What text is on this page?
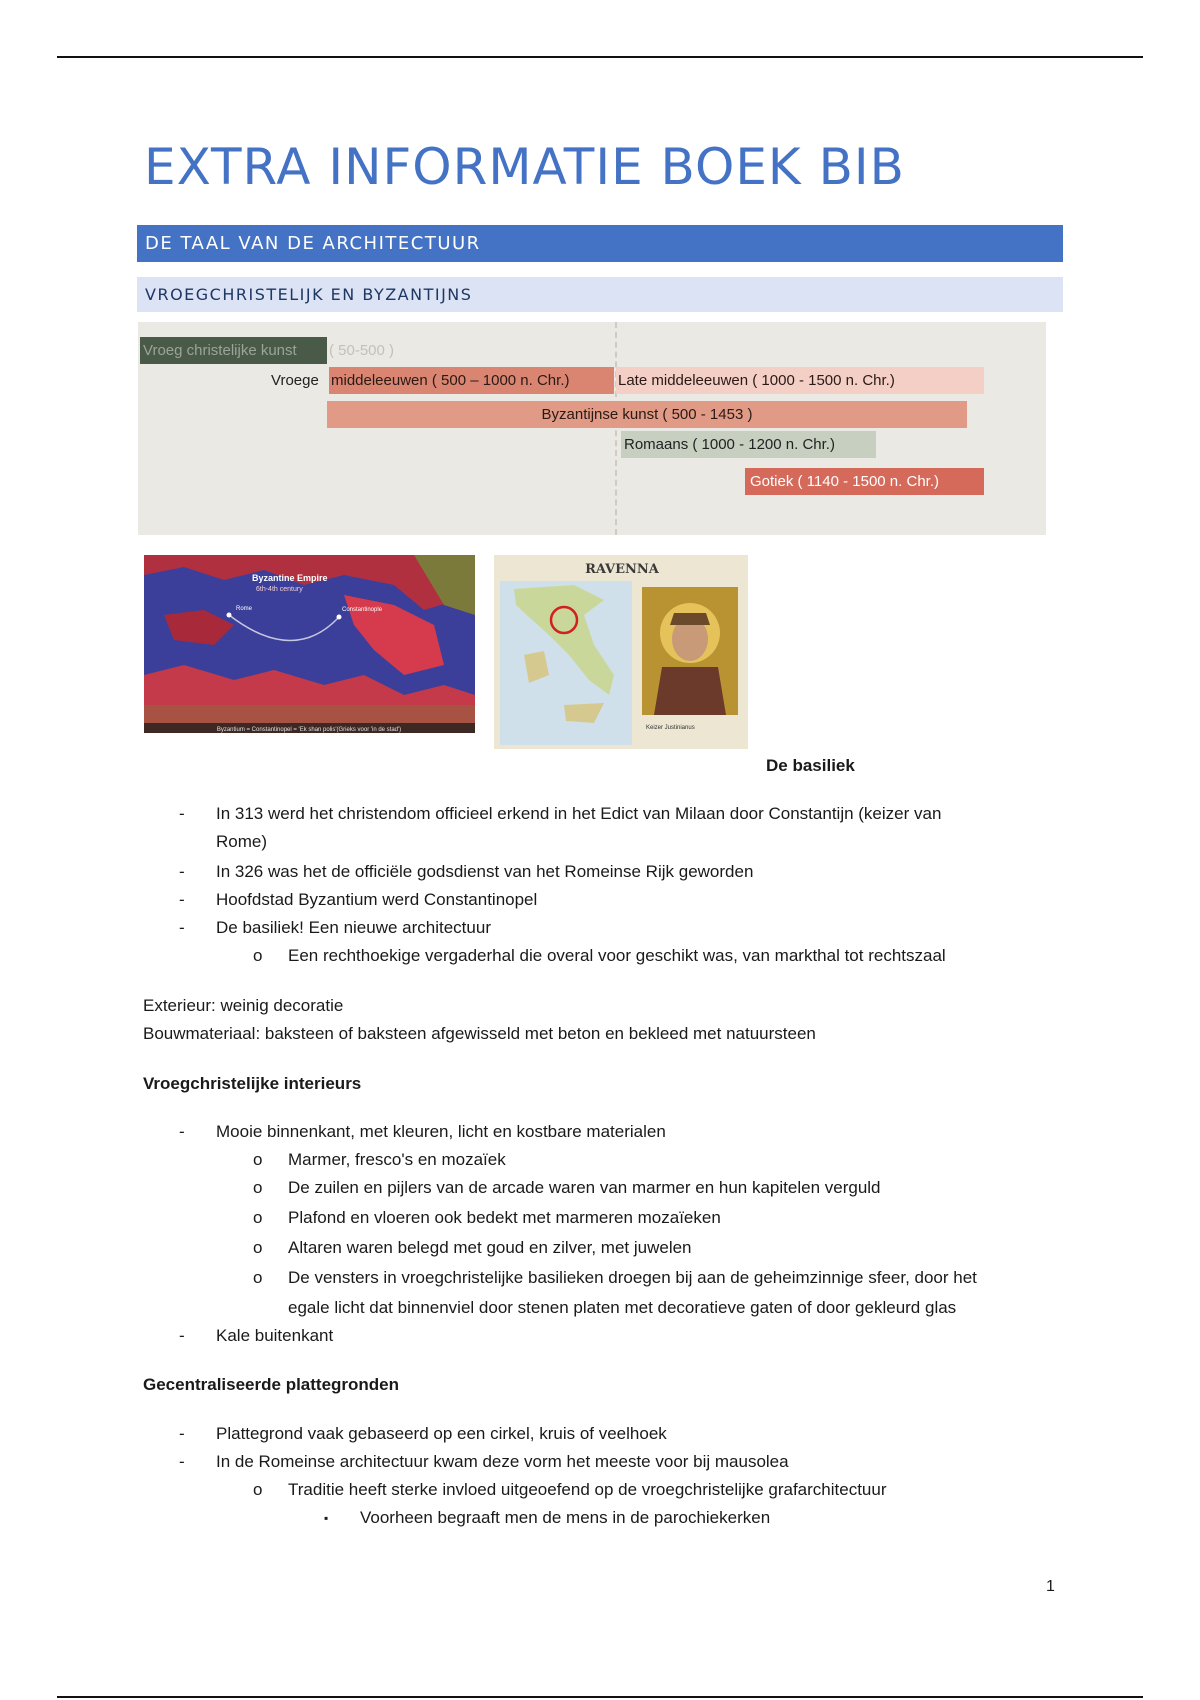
EXTRA INFORMATIE BOEK BIB
DE TAAL VAN DE ARCHITECTUUR
VROEGCHRISTELIJK EN BYZANTIJNS
Vroeg christelijke kunst	( 50-500 )
Vroege middeleeuwen ( 500 – 1000 n. Chr.)	Late middeleeuwen ( 1000 - 1500 n. Chr.)
Byzantijnse kunst ( 500 - 1453 )
Romaans ( 1000 - 1200 n. Chr.)
Gotiek ( 1140 - 1500 n. Chr.)
Byzantine Empire
6th-4th century
Rome	Constantinople
Byzantium = Constantinopel = 'Ek shan polis'(Grieks voor 'in de stad')
RAVENNA
Keizer Justinianus

De basiliek

- In 313 werd het christendom officieel erkend in het Edict van Milaan door Constantijn (keizer van
Rome)
- In 326 was het de officiële godsdienst van het Romeinse Rijk geworden
- Hoofdstad Byzantium werd Constantinopel
- De basiliek! Een nieuwe architectuur
o Een rechthoekige vergaderhal die overal voor geschikt was, van markthal tot rechtszaal

Exterieur: weinig decoratie

Bouwmateriaal: baksteen of baksteen afgewisseld met beton en bekleed met natuursteen

Vroegchristelijke interieurs

- Mooie binnenkant, met kleuren, licht en kostbare materialen
o Marmer, fresco's en mozaïek
o De zuilen en pijlers van de arcade waren van marmer en hun kapitelen verguld
o Plafond en vloeren ook bedekt met marmeren mozaïeken
o Altaren waren belegd met goud en zilver, met juwelen
o De vensters in vroegchristelijke basilieken droegen bij aan de geheimzinnige sfeer, door het
egale licht dat binnenviel door stenen platen met decoratieve gaten of door gekleurd glas
- Kale buitenkant

Gecentraliseerde plattegronden

- Plattegrond vaak gebaseerd op een cirkel, kruis of veelhoek
- In de Romeinse architectuur kwam deze vorm het meeste voor bij mausolea
o Traditie heeft sterke invloed uitgeoefend op de vroegchristelijke grafarchitectuur
▪ Voorheen begraaft men de mens in de parochiekerken
1
